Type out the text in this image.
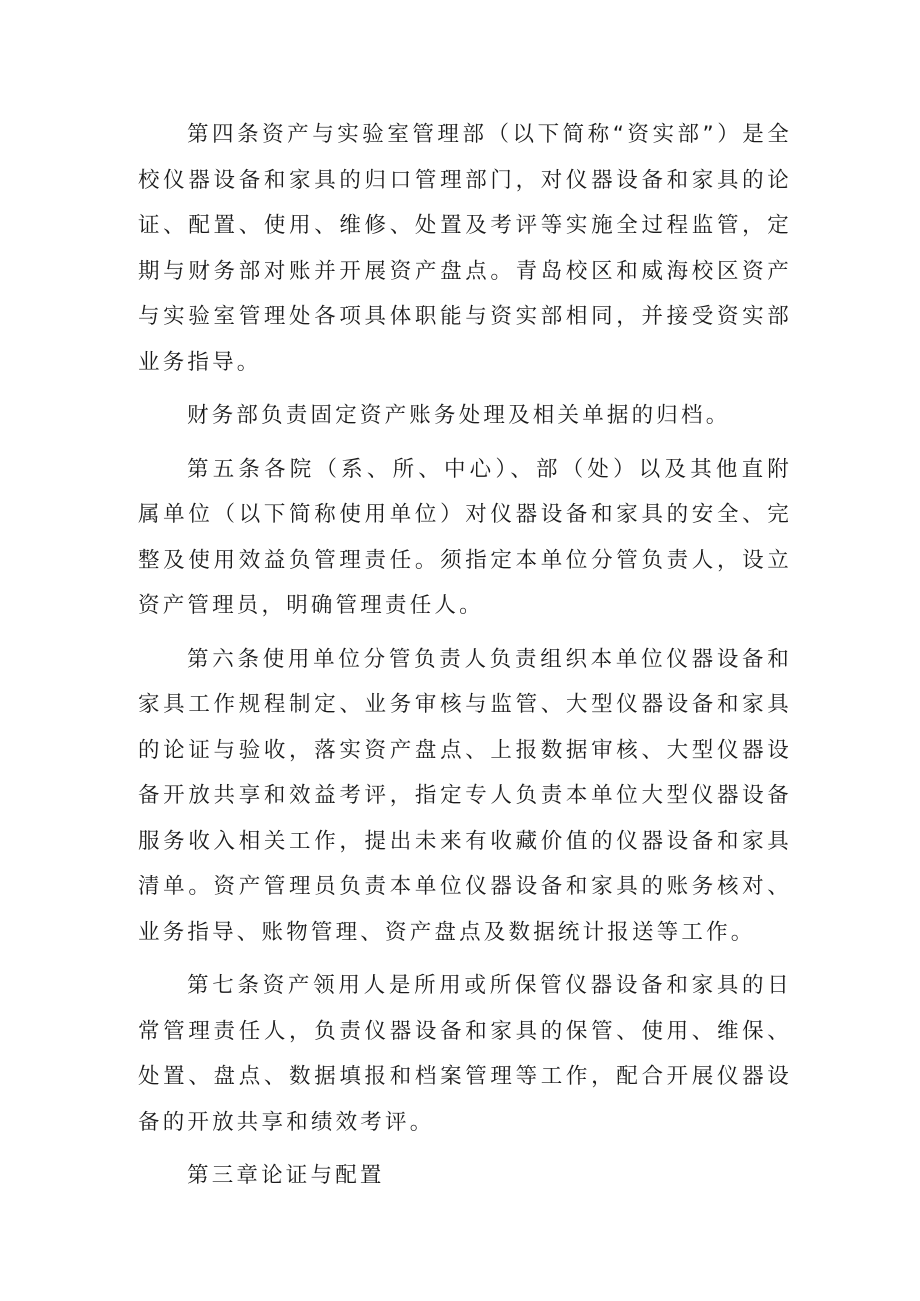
第四条资产与实验室管理部（以下简称“资实部”）是全校仪器设备和家具的归口管理部门，对仪器设备和家具的论证、配置、使用、维修、处置及考评等实施全过程监管，定期与财务部对账并开展资产盘点。青岛校区和威海校区资产与实验室管理处各项具体职能与资实部相同，并接受资实部业务指导。

财务部负责固定资产账务处理及相关单据的归档。

第五条各院（系、所、中心）、部（处）以及其他直附属单位（以下简称使用单位）对仪器设备和家具的安全、完整及使用效益负管理责任。须指定本单位分管负责人，设立资产管理员，明确管理责任人。

第六条使用单位分管负责人负责组织本单位仪器设备和家具工作规程制定、业务审核与监管、大型仪器设备和家具的论证与验收，落实资产盘点、上报数据审核、大型仪器设备开放共享和效益考评，指定专人负责本单位大型仪器设备服务收入相关工作，提出未来有收藏价值的仪器设备和家具清单。资产管理员负责本单位仪器设备和家具的账务核对、业务指导、账物管理、资产盘点及数据统计报送等工作。

第七条资产领用人是所用或所保管仪器设备和家具的日常管理责任人，负责仪器设备和家具的保管、使用、维保、处置、盘点、数据填报和档案管理等工作，配合开展仪器设备的开放共享和绩效考评。

第三章论证与配置
